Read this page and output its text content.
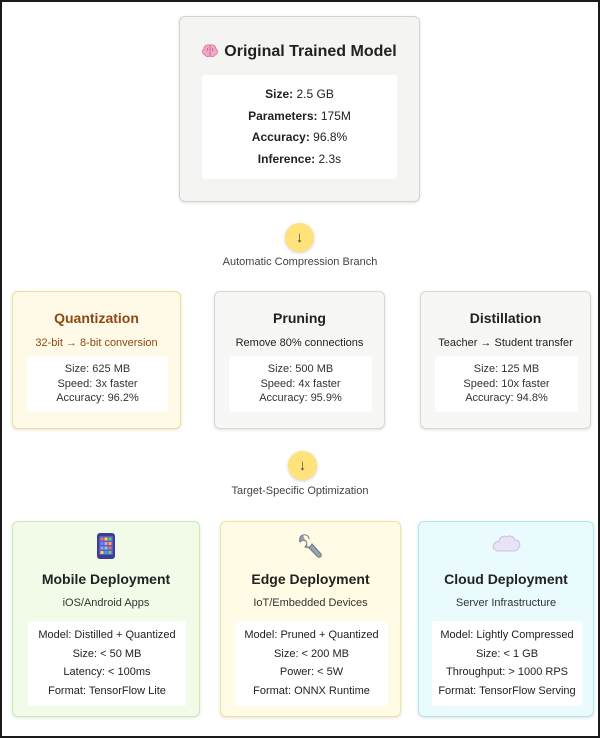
Original Trained Model
Size: 2.5 GB
Parameters: 175M
Accuracy: 96.8%
Inference: 2.3s
↓
Automatic Compression Branch
Quantization
32-bit → 8-bit conversion
Size: 625 MB
Speed: 3x faster
Accuracy: 96.2%
Pruning
Remove 80% connections
Size: 500 MB
Speed: 4x faster
Accuracy: 95.9%
Distillation
Teacher → Student transfer
Size: 125 MB
Speed: 10x faster
Accuracy: 94.8%
↓
Target-Specific Optimization
Mobile Deployment
iOS/Android Apps
Model: Distilled + Quantized
Size: < 50 MB
Latency: < 100ms
Format: TensorFlow Lite
Edge Deployment
IoT/Embedded Devices
Model: Pruned + Quantized
Size: < 200 MB
Power: < 5W
Format: ONNX Runtime
Cloud Deployment
Server Infrastructure
Model: Lightly Compressed
Size: < 1 GB
Throughput: > 1000 RPS
Format: TensorFlow Serving
